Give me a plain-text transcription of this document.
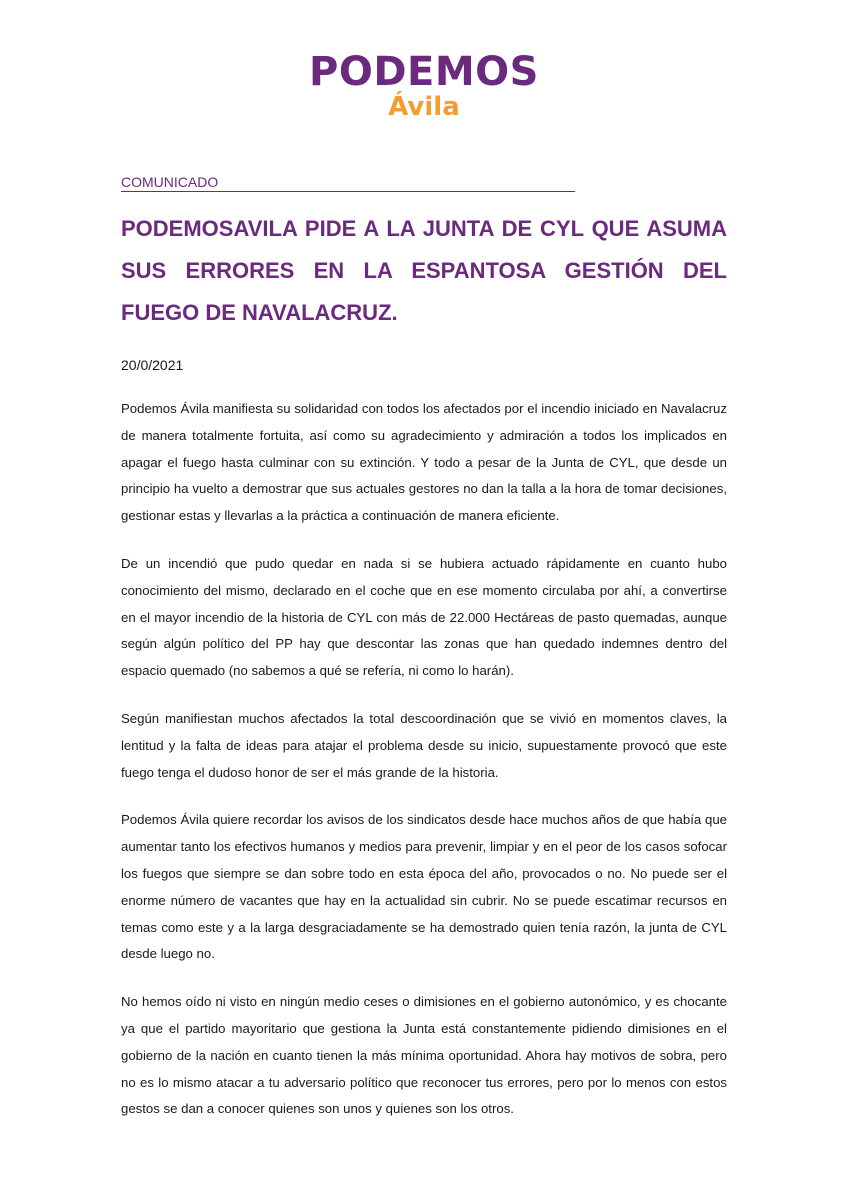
PODEMOS
Ávila
COMUNICADO
PODEMOSAVILA PIDE A LA JUNTA DE CYL QUE ASUMA SUS ERRORES EN LA ESPANTOSA GESTIÓN DEL FUEGO DE NAVALACRUZ.
20/0/2021

Podemos Ávila manifiesta su solidaridad con todos los afectados por el incendio iniciado en Navalacruz de manera totalmente fortuita, así como su agradecimiento y admiración a todos los implicados en apagar el fuego hasta culminar con su extinción. Y todo a pesar de la Junta de CYL, que desde un principio ha vuelto a demostrar que sus actuales gestores no dan la talla a la hora de tomar decisiones, gestionar estas y llevarlas a la práctica a continuación de manera eficiente.

De un incendió que pudo quedar en nada si se hubiera actuado rápidamente en cuanto hubo conocimiento del mismo, declarado en el coche que en ese momento circulaba por ahí, a convertirse en el mayor incendio de la historia de CYL con más de 22.000 Hectáreas de pasto quemadas, aunque según algún político del PP hay que descontar las zonas que han quedado indemnes dentro del espacio quemado (no sabemos a qué se refería, ni como lo harán).

Según manifiestan muchos afectados la total descoordinación que se vivió en momentos claves, la lentitud y la falta de ideas para atajar el problema desde su inicio, supuestamente provocó que este fuego tenga el dudoso honor de ser el más grande de la historia.

Podemos Ávila quiere recordar los avisos de los sindicatos desde hace muchos años de que había que aumentar tanto los efectivos humanos y medios para prevenir, limpiar y en el peor de los casos sofocar los fuegos que siempre se dan sobre todo en esta época del año, provocados o no. No puede ser el enorme número de vacantes que hay en la actualidad sin cubrir. No se puede escatimar recursos en temas como este y a la larga desgraciadamente se ha demostrado quien tenía razón, la junta de CYL desde luego no.

No hemos oído ni visto en ningún medio ceses o dimisiones en el gobierno autonómico, y es chocante ya que el partido mayoritario que gestiona la Junta está constantemente pidiendo dimisiones en el gobierno de la nación en cuanto tienen la más mínima oportunidad. Ahora hay motivos de sobra, pero no es lo mismo atacar a tu adversario político que reconocer tus errores, pero por lo menos con estos gestos se dan a conocer quienes son unos y quienes son los otros.
